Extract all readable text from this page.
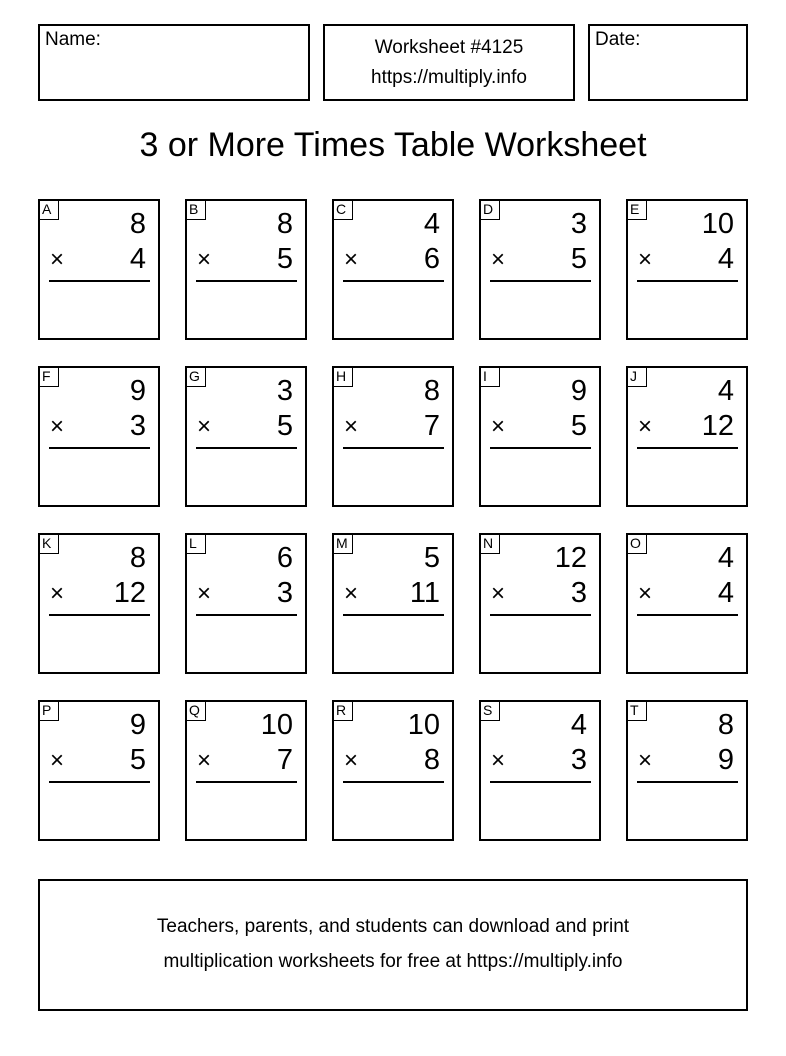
Name:	Worksheet #4125
https://multiply.info
Date:
3 or More Times Table Worksheet
A	8
× 4
B	8
× 5
C	4
× 6
D	3
× 5
E 10
× 4
F	9
× 3
G	3
× 5
H	8
× 7
I	9
× 5
J	4
× 12
K	8
× 12
L	6
× 3
M	5
× 11
N 12
× 3
O	4
× 4
P	9
× 5
Q 10
× 7
R 10
× 8
S	4
× 3
T	8
× 9
Teachers, parents, and students can download and print
multiplication worksheets for free at https://multiply.info
